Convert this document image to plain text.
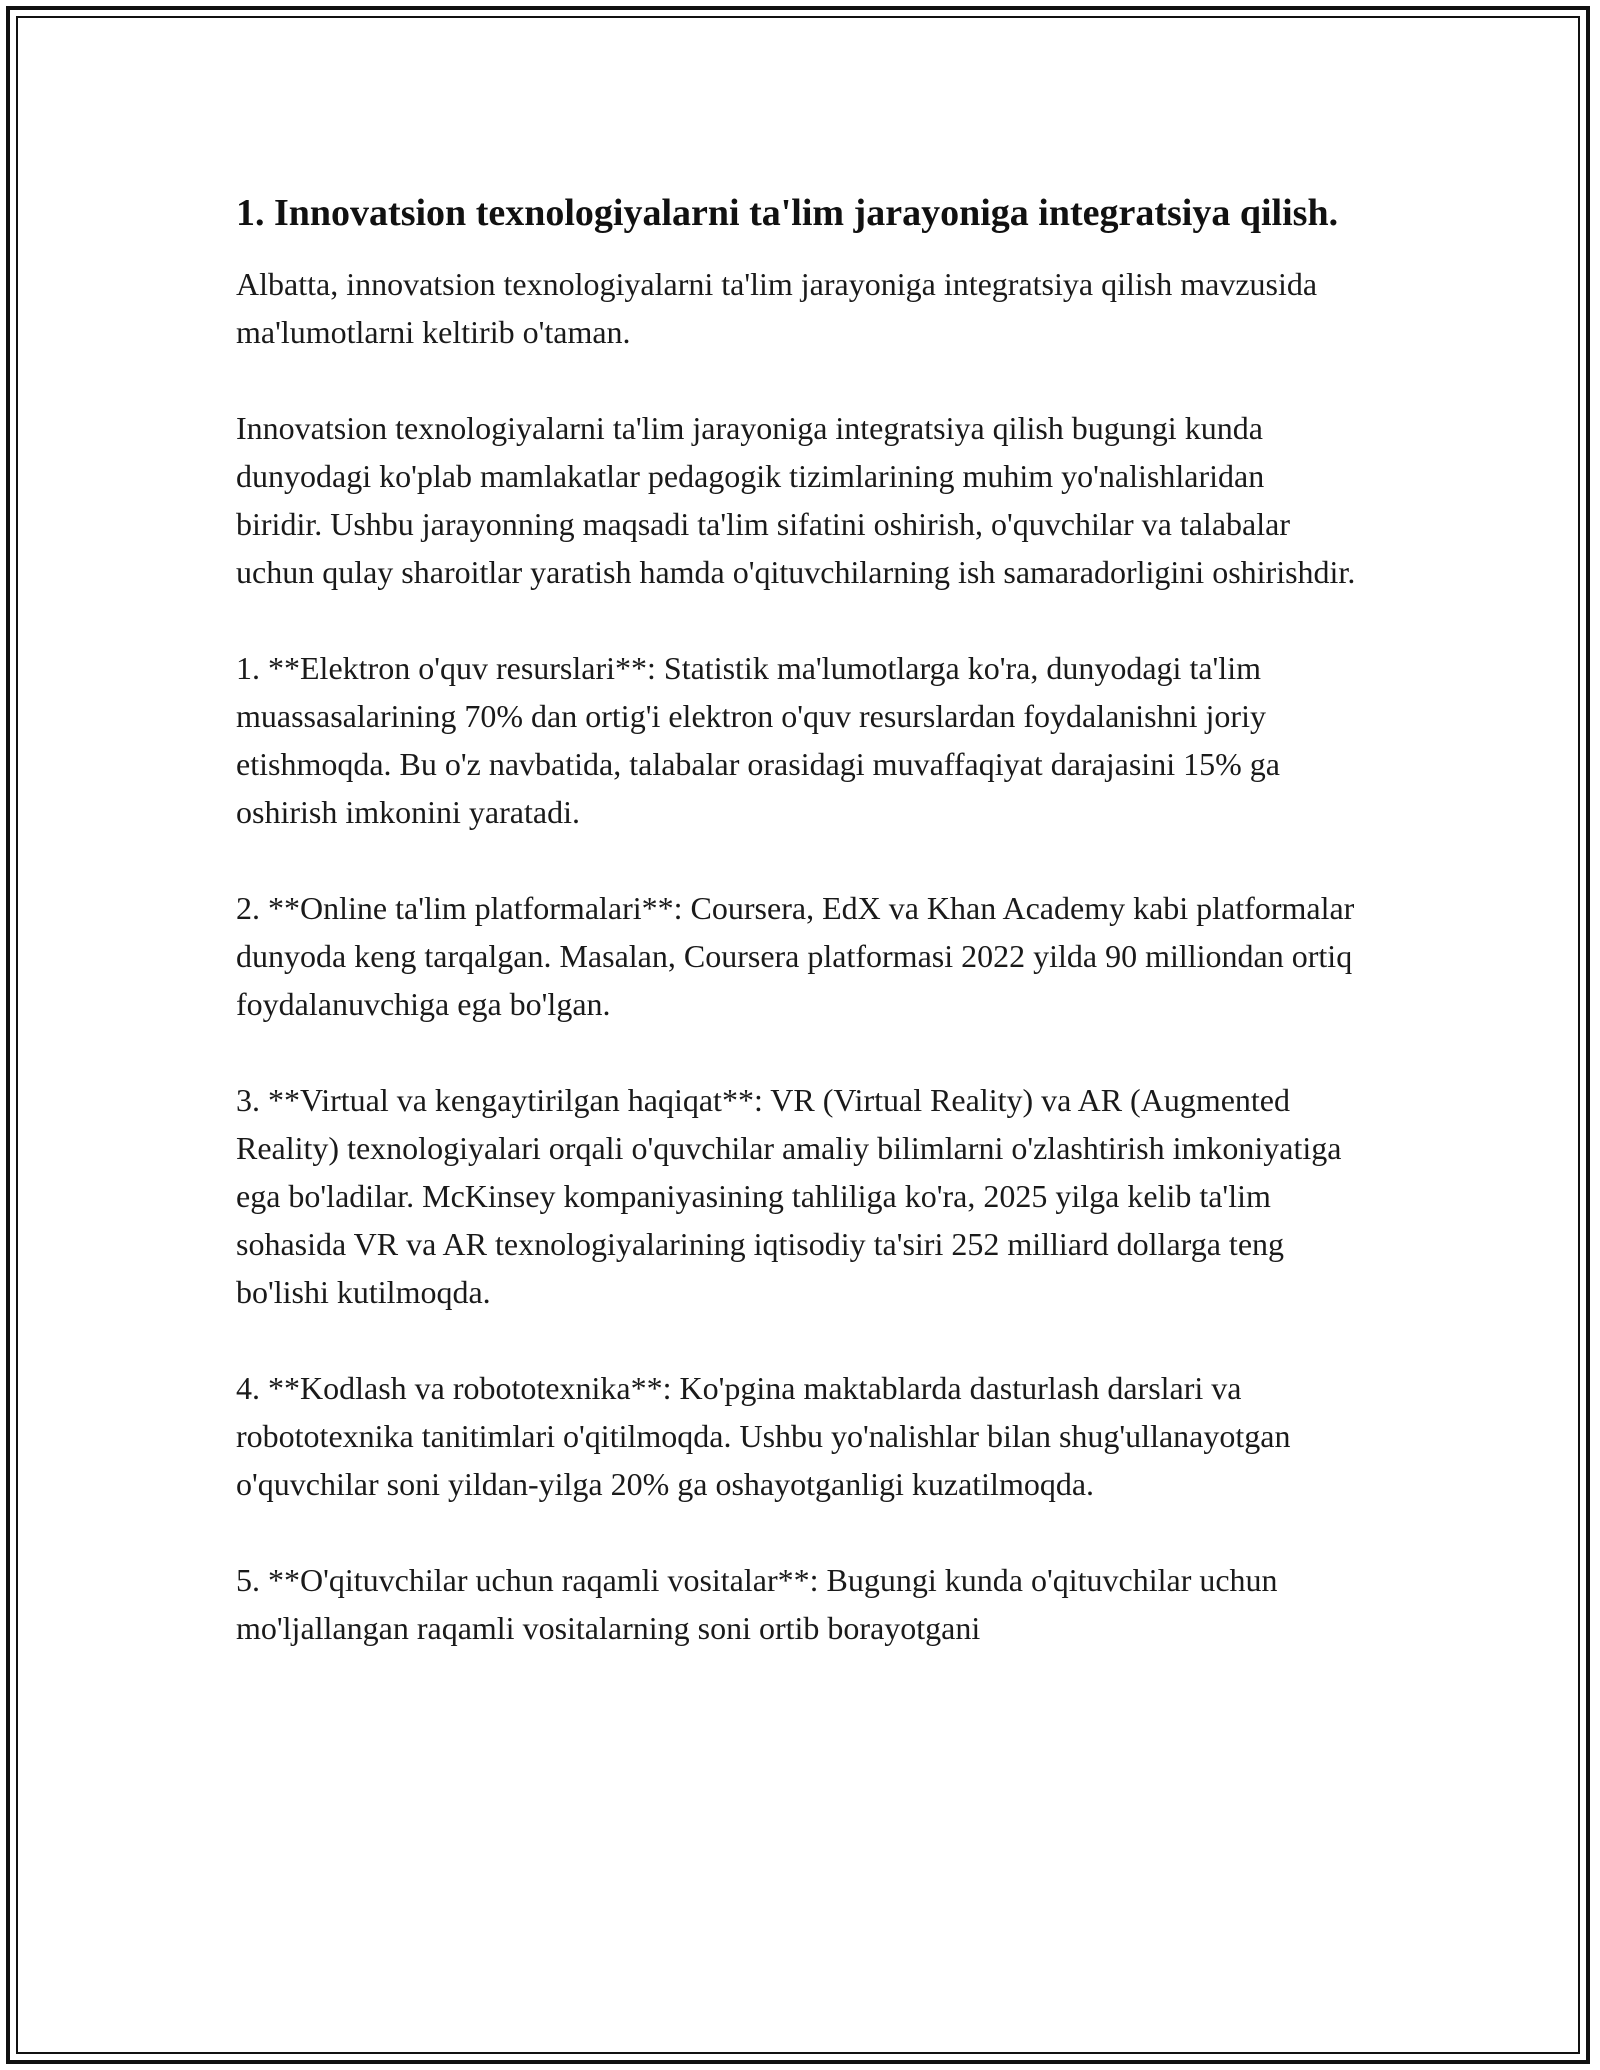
1. Innovatsion texnologiyalarni ta'lim jarayoniga integratsiya qilish.

Albatta, innovatsion texnologiyalarni ta'lim jarayoniga integratsiya qilish mavzusida ma'lumotlarni keltirib o'taman.

Innovatsion texnologiyalarni ta'lim jarayoniga integratsiya qilish bugungi kunda dunyodagi ko'plab mamlakatlar pedagogik tizimlarining muhim yo'nalishlaridan biridir. Ushbu jarayonning maqsadi ta'lim sifatini oshirish, o'quvchilar va talabalar uchun qulay sharoitlar yaratish hamda o'qituvchilarning ish samaradorligini oshirishdir.

1. **Elektron o'quv resurslari**: Statistik ma'lumotlarga ko'ra, dunyodagi ta'lim muassasalarining 70% dan ortig'i elektron o'quv resurslardan foydalanishni joriy etishmoqda. Bu o'z navbatida, talabalar orasidagi muvaffaqiyat darajasini 15% ga oshirish imkonini yaratadi.

2. **Online ta'lim platformalari**: Coursera, EdX va Khan Academy kabi platformalar dunyoda keng tarqalgan. Masalan, Coursera platformasi 2022 yilda 90 milliondan ortiq foydalanuvchiga ega bo'lgan.

3. **Virtual va kengaytirilgan haqiqat**: VR (Virtual Reality) va AR (Augmented Reality) texnologiyalari orqali o'quvchilar amaliy bilimlarni o'zlashtirish imkoniyatiga ega bo'ladilar. McKinsey kompaniyasining tahliliga ko'ra, 2025 yilga kelib ta'lim sohasida VR va AR texnologiyalarining iqtisodiy ta'siri 252 milliard dollarga teng bo'lishi kutilmoqda.

4. **Kodlash va robototexnika**: Ko'pgina maktablarda dasturlash darslari va robototexnika tanitimlari o'qitilmoqda. Ushbu yo'nalishlar bilan shug'ullanayotgan o'quvchilar soni yildan-yilga 20% ga oshayotganligi kuzatilmoqda.

5. **O'qituvchilar uchun raqamli vositalar**: Bugungi kunda o'qituvchilar uchun mo'ljallangan raqamli vositalarning soni ortib borayotgani
